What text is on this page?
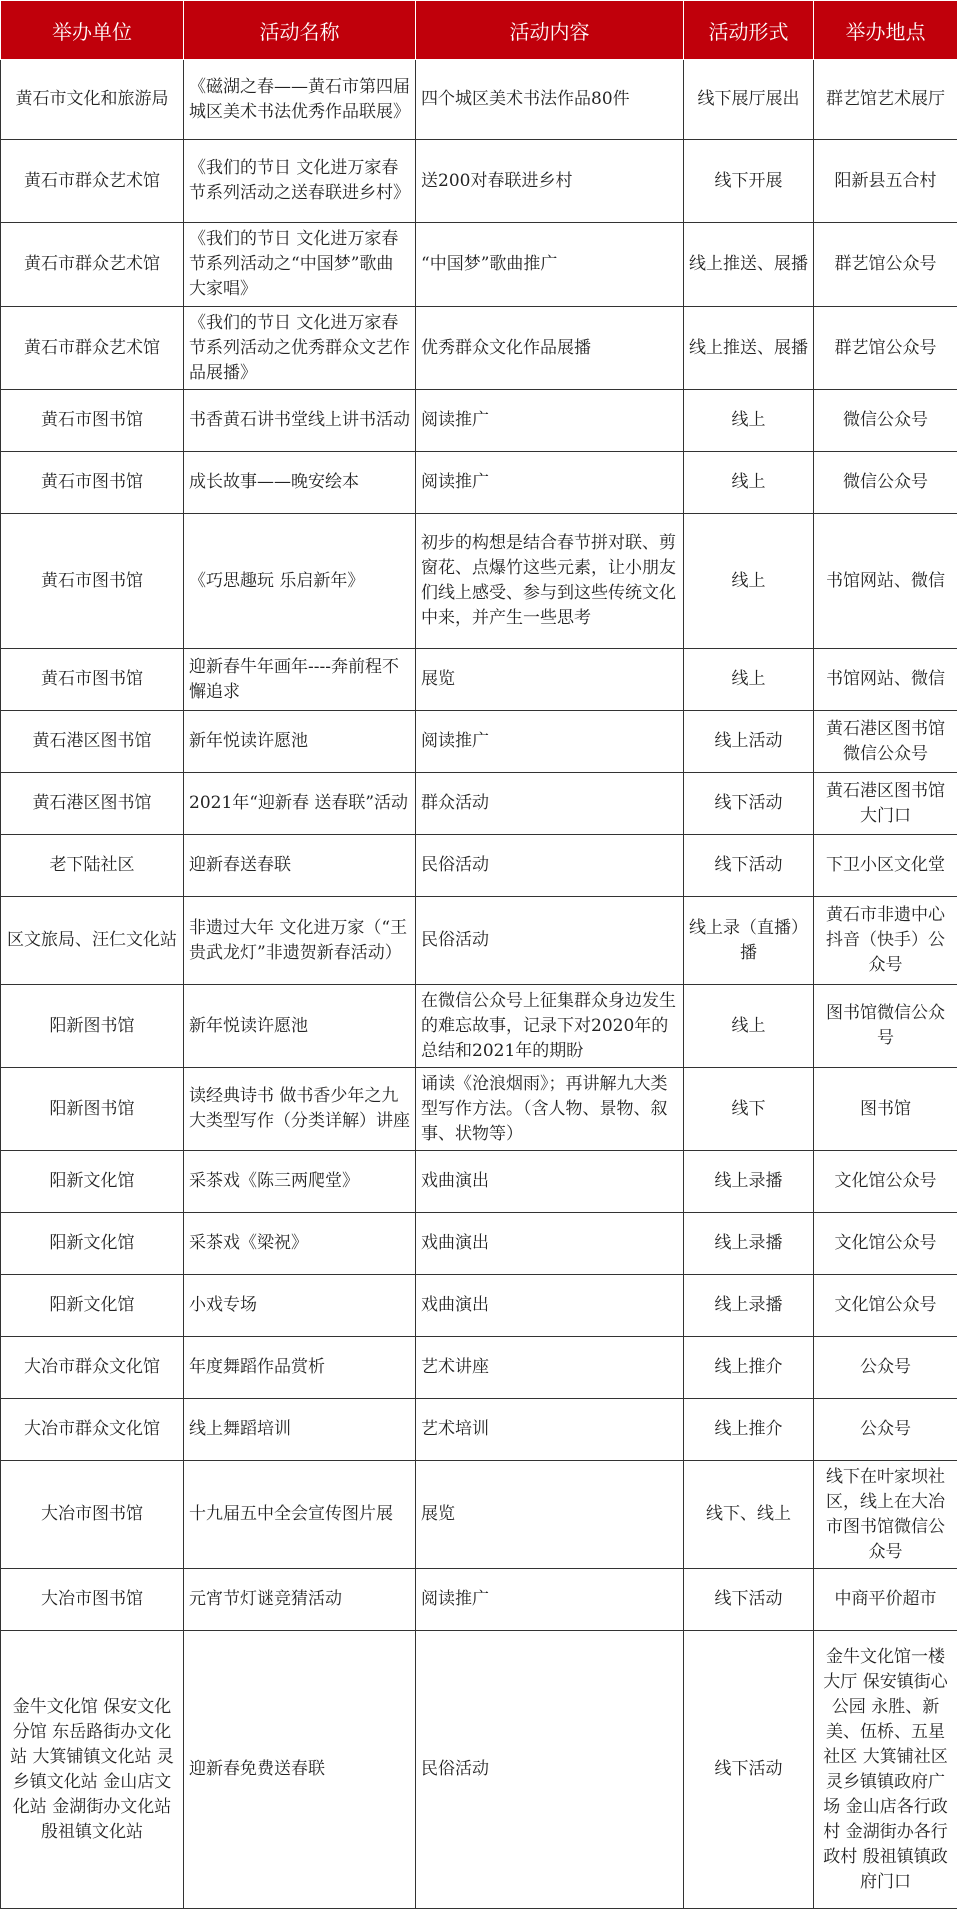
举办单位	活动名称	活动内容	活动形式	举办地点
黄石市文化和旅游局	《磁湖之春——黄石市第四届城区美术书法优秀作品联展》	四个城区美术书法作品80件	线下展厅展出	群艺馆艺术展厅
黄石市群众艺术馆	《我们的节日 文化进万家春节系列活动之送春联进乡村》	送200对春联进乡村	线下开展	阳新县五合村
黄石市群众艺术馆	《我们的节日 文化进万家春节系列活动之“中国梦”歌曲大家唱》	“中国梦”歌曲推广	线上推送、展播	群艺馆公众号
黄石市群众艺术馆	《我们的节日 文化进万家春节系列活动之优秀群众文艺作品展播》	优秀群众文化作品展播	线上推送、展播	群艺馆公众号
黄石市图书馆	书香黄石讲书堂线上讲书活动	阅读推广	线上	微信公众号
黄石市图书馆	成长故事——晚安绘本	阅读推广	线上	微信公众号
黄石市图书馆	《巧思趣玩 乐启新年》	初步的构想是结合春节拼对联、剪窗花、点爆竹这些元素，让小朋友们线上感受、参与到这些传统文化中来，并产生一些思考	线上	书馆网站、微信
黄石市图书馆	迎新春牛年画年----奔前程不懈追求	展览	线上	书馆网站、微信
黄石港区图书馆	新年悦读许愿池	阅读推广	线上活动	黄石港区图书馆微信公众号
黄石港区图书馆	2021年“迎新春 送春联”活动	群众活动	线下活动	黄石港区图书馆大门口
老下陆社区	迎新春送春联	民俗活动	线下活动	下卫小区文化堂
区文旅局、汪仁文化站	非遗过大年 文化进万家（“王贵武龙灯”非遗贺新春活动）	民俗活动	线上录（直播）播	黄石市非遗中心抖音（快手）公众号
阳新图书馆	新年悦读许愿池	在微信公众号上征集群众身边发生的难忘故事，记录下对2020年的总结和2021年的期盼	线上	图书馆微信公众号
阳新图书馆	读经典诗书 做书香少年之九大类型写作（分类详解）讲座	诵读《沧浪烟雨》；再讲解九大类型写作方法。（含人物、景物、叙事、状物等）	线下	图书馆
阳新文化馆	采茶戏《陈三两爬堂》	戏曲演出	线上录播	文化馆公众号
阳新文化馆	采茶戏《梁祝》	戏曲演出	线上录播	文化馆公众号
阳新文化馆	小戏专场	戏曲演出	线上录播	文化馆公众号
大冶市群众文化馆	年度舞蹈作品赏析	艺术讲座	线上推介	公众号
大冶市群众文化馆	线上舞蹈培训	艺术培训	线上推介	公众号
大冶市图书馆	十九届五中全会宣传图片展	展览	线下、线上	线下在叶家坝社区，线上在大冶市图书馆微信公众号
大冶市图书馆	元宵节灯谜竞猜活动	阅读推广	线下活动	中商平价超市
金牛文化馆 保安文化分馆 东岳路街办文化站 大箕铺镇文化站 灵乡镇文化站 金山店文化站 金湖街办文化站 殷祖镇文化站	迎新春免费送春联	民俗活动	线下活动	金牛文化馆一楼大厅 保安镇街心公园 永胜、新美、伍桥、五星社区 大箕铺社区 灵乡镇镇政府广场 金山店各行政村 金湖街办各行政村 殷祖镇镇政府门口
